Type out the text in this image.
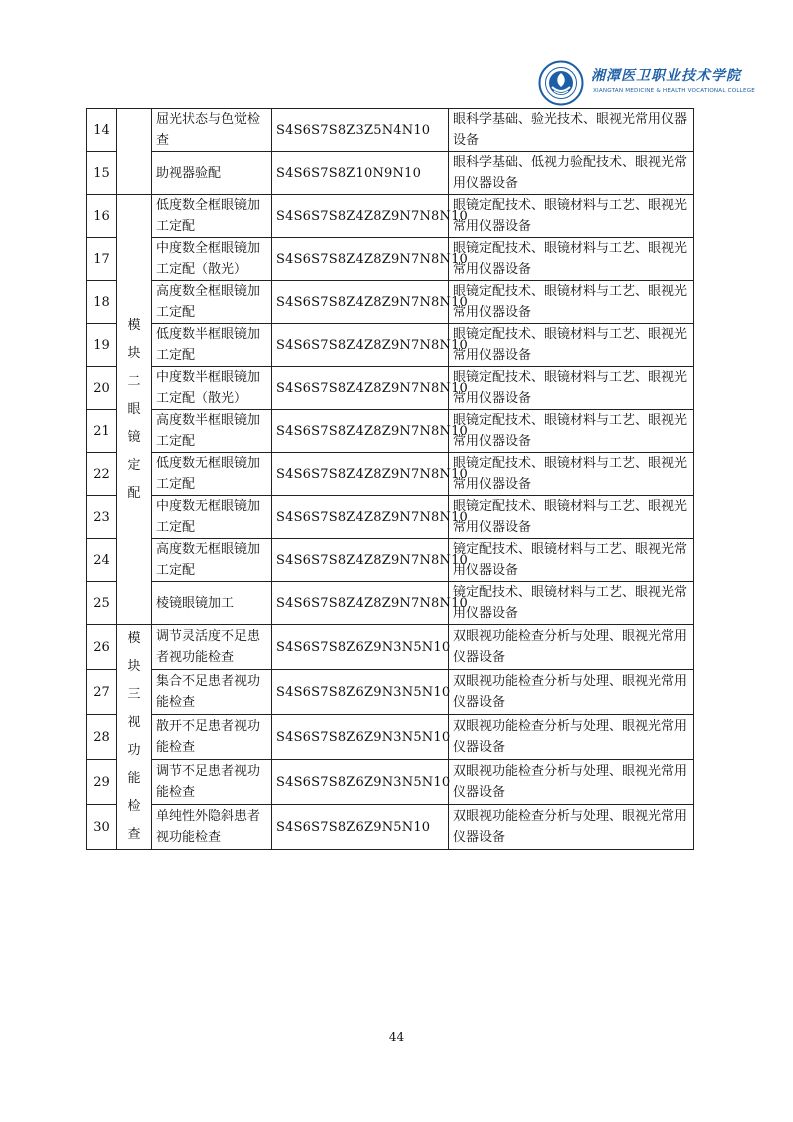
湘潭医卫职业技术学院
XIANGTAN MEDICINE & HEALTH VOCATIONAL COLLEGE
14		屈光状态与色觉检查	S4S6S7S8Z3Z5N4N10	眼科学基础、验光技术、眼视光常用仪器设备
15		助视器验配	S4S6S7S8Z10N9N10	眼科学基础、低视力验配技术、眼视光常用仪器设备
16	模块二眼镜定配	低度数全框眼镜加工定配	S4S6S7S8Z4Z8Z9N7N8N10	眼镜定配技术、眼镜材料与工艺、眼视光常用仪器设备
17		中度数全框眼镜加工定配（散光）	S4S6S7S8Z4Z8Z9N7N8N10	眼镜定配技术、眼镜材料与工艺、眼视光常用仪器设备
18		高度数全框眼镜加工定配	S4S6S7S8Z4Z8Z9N7N8N10	眼镜定配技术、眼镜材料与工艺、眼视光常用仪器设备
19		低度数半框眼镜加工定配	S4S6S7S8Z4Z8Z9N7N8N10	眼镜定配技术、眼镜材料与工艺、眼视光常用仪器设备
20		中度数半框眼镜加工定配（散光）	S4S6S7S8Z4Z8Z9N7N8N10	眼镜定配技术、眼镜材料与工艺、眼视光常用仪器设备
21		高度数半框眼镜加工定配	S4S6S7S8Z4Z8Z9N7N8N10	眼镜定配技术、眼镜材料与工艺、眼视光常用仪器设备
22		低度数无框眼镜加工定配	S4S6S7S8Z4Z8Z9N7N8N10	眼镜定配技术、眼镜材料与工艺、眼视光常用仪器设备
23		中度数无框眼镜加工定配	S4S6S7S8Z4Z8Z9N7N8N10	眼镜定配技术、眼镜材料与工艺、眼视光常用仪器设备
24		高度数无框眼镜加工定配	S4S6S7S8Z4Z8Z9N7N8N10	镜定配技术、眼镜材料与工艺、眼视光常用仪器设备
25		棱镜眼镜加工	S4S6S7S8Z4Z8Z9N7N8N10	镜定配技术、眼镜材料与工艺、眼视光常用仪器设备
26	模块三视功能检查	调节灵活度不足患者视功能检查	S4S6S7S8Z6Z9N3N5N10	双眼视功能检查分析与处理、眼视光常用仪器设备
27		集合不足患者视功能检查	S4S6S7S8Z6Z9N3N5N10	双眼视功能检查分析与处理、眼视光常用仪器设备
28		散开不足患者视功能检查	S4S6S7S8Z6Z9N3N5N10	双眼视功能检查分析与处理、眼视光常用仪器设备
29		调节不足患者视功能检查	S4S6S7S8Z6Z9N3N5N10	双眼视功能检查分析与处理、眼视光常用仪器设备
30		单纯性外隐斜患者视功能检查	S4S6S7S8Z6Z9N5N10	双眼视功能检查分析与处理、眼视光常用仪器设备
44
